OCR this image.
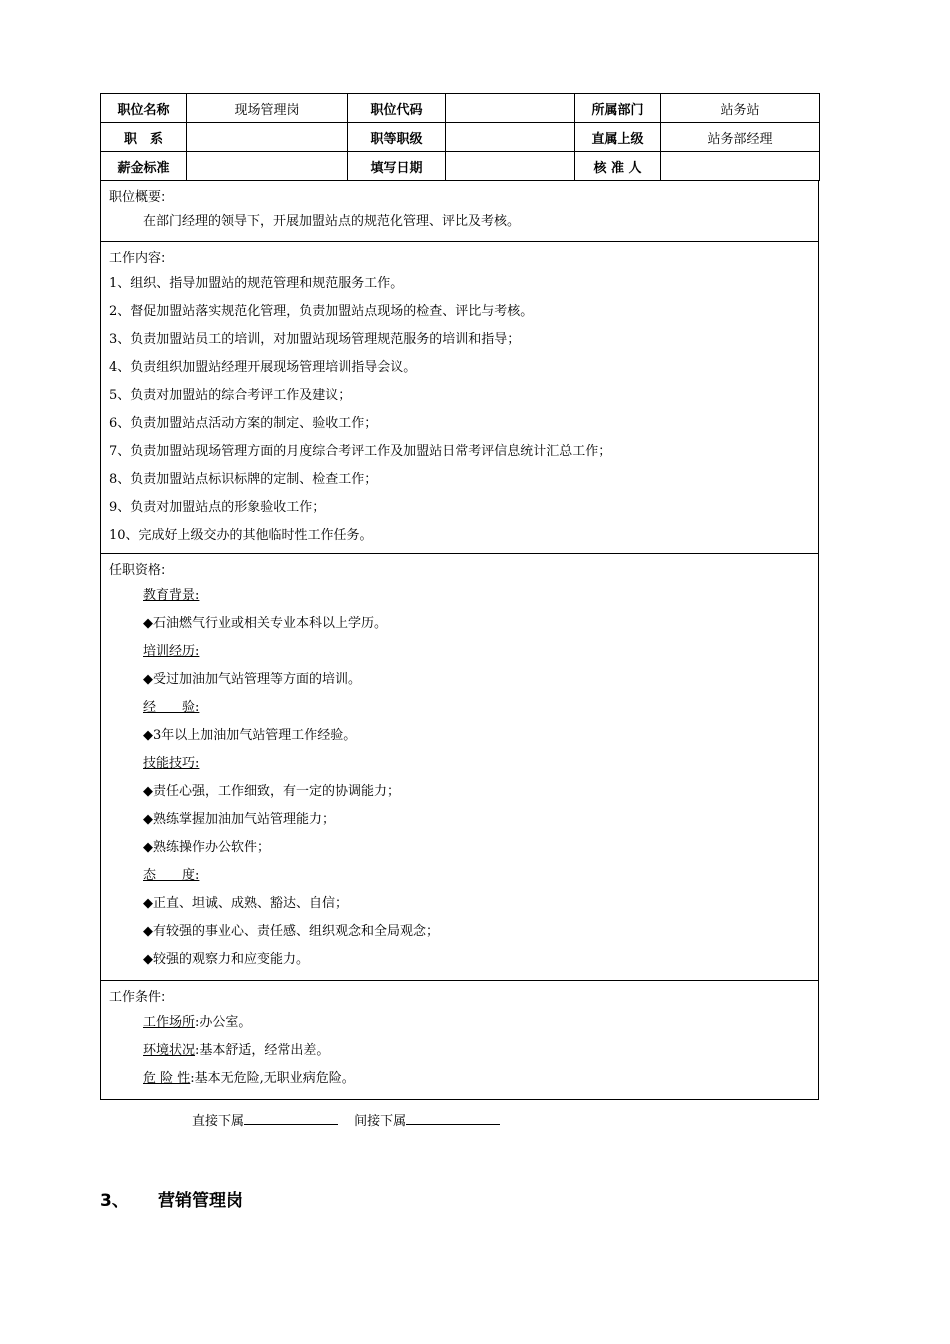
职位名称	现场管理岗	职位代码		所属部门	站务站
职　系		职等职级		直属上级	站务部经理
薪金标准		填写日期		核 准 人	
职位概要:
在部门经理的领导下，开展加盟站点的规范化管理、评比及考核。
工作内容:
1、组织、指导加盟站的规范管理和规范服务工作。
2、督促加盟站落实规范化管理，负责加盟站点现场的检查、评比与考核。
3、负责加盟站员工的培训，对加盟站现场管理规范服务的培训和指导；
4、负责组织加盟站经理开展现场管理培训指导会议。
5、负责对加盟站的综合考评工作及建议；
6、负责加盟站点活动方案的制定、验收工作；
7、负责加盟站现场管理方面的月度综合考评工作及加盟站日常考评信息统计汇总工作；
8、负责加盟站点标识标牌的定制、检查工作；
9、负责对加盟站点的形象验收工作；
10、完成好上级交办的其他临时性工作任务。
任职资格:
教育背景:
◆石油燃气行业或相关专业本科以上学历。
培训经历:
◆受过加油加气站管理等方面的培训。
经　　验:
◆3年以上加油加气站管理工作经验。
技能技巧:
◆责任心强，工作细致，有一定的协调能力；
◆熟练掌握加油加气站管理能力；
◆熟练操作办公软件；
态　　度:
◆正直、坦诚、成熟、豁达、自信；
◆有较强的事业心、责任感、组织观念和全局观念；
◆较强的观察力和应变能力。
工作条件:
工作场所:办公室。
环境状况:基本舒适，经常出差。
危 险 性:基本无危险,无职业病危险。
直接下属	间接下属
3、 营销管理岗
